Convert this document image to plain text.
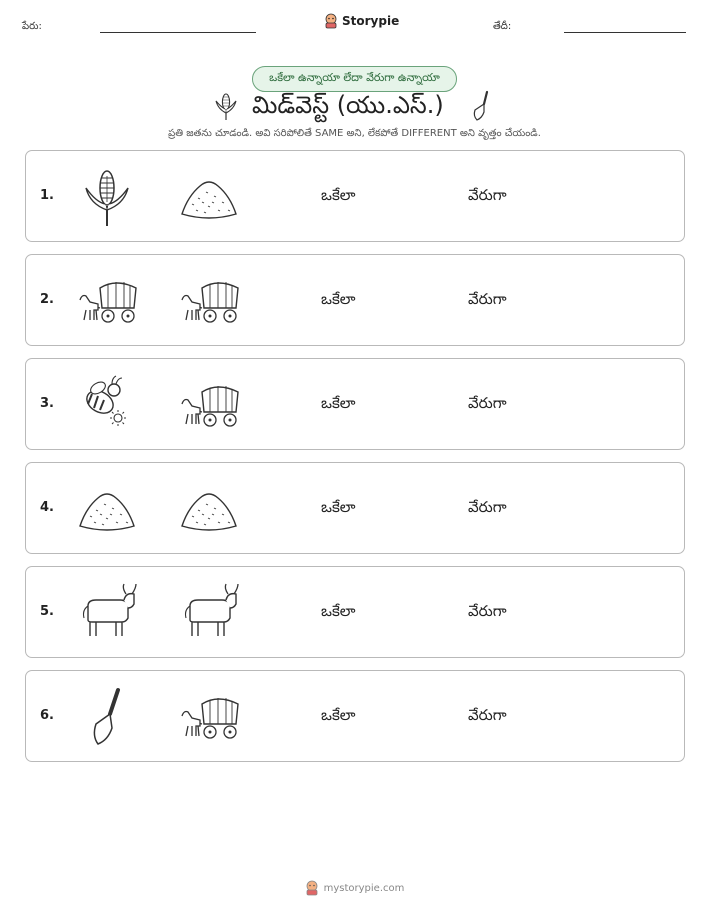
పేరు:	Storypie	తేదీ:
ఒకేలా ఉన్నాయా లేదా వేరుగా ఉన్నాయా
మిడ్‌వెస్ట్ (యు.ఎస్.)
ప్రతి జతను చూడండి. అవి సరిపోలితే SAME అని, లేకపోతే DIFFERENT అని వృత్తం చేయండి.
1.	ఒకేలా	వేరుగా
2.	ఒకేలా	వేరుగా
3.	ఒకేలా	వేరుగా
4.	ఒకేలా	వేరుగా
5.	ఒకేలా	వేరుగా
6.	ఒకేలా	వేరుగా
mystorypie.com
